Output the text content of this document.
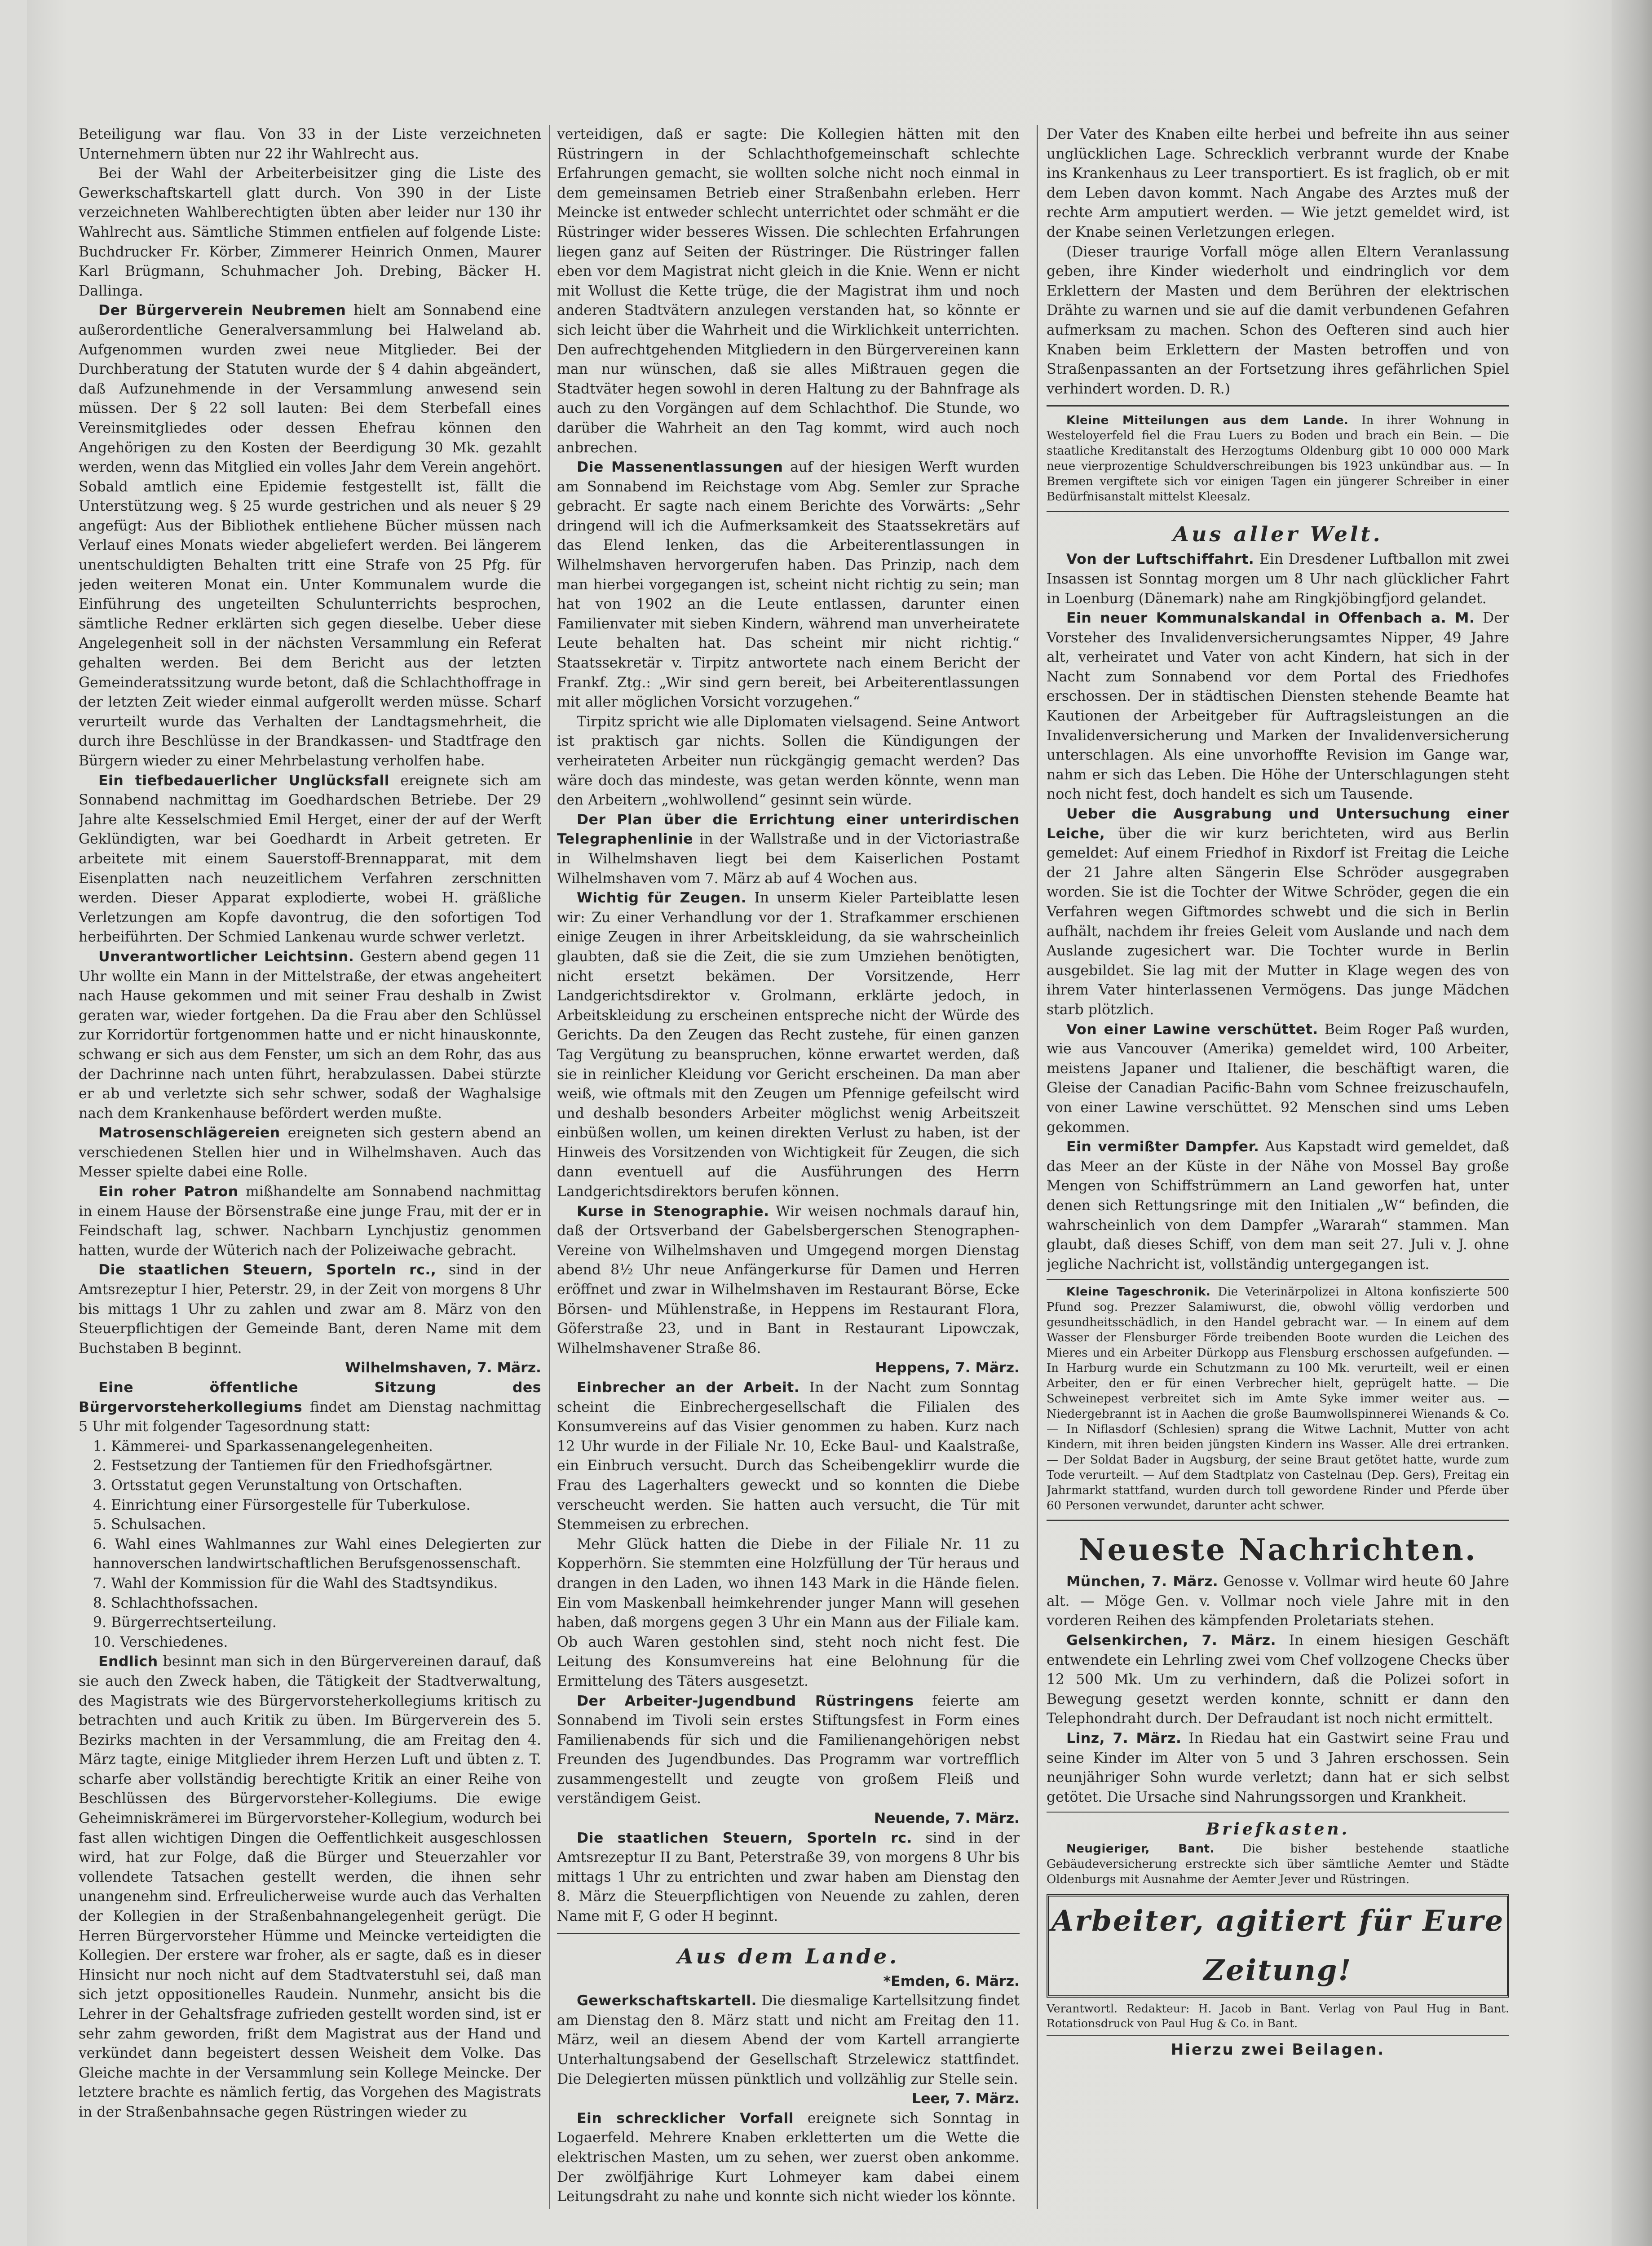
Beteiligung war flau. Von 33 in der Liste verzeichneten Unternehmern übten nur 22 ihr Wahlrecht aus.

Bei der Wahl der Arbeiterbeisitzer ging die Liste des Gewerkschaftskartell glatt durch. Von 390 in der Liste verzeichneten Wahlberechtigten übten aber leider nur 130 ihr Wahlrecht aus. Sämtliche Stimmen entfielen auf folgende Liste: Buchdrucker Fr. Körber, Zimmerer Heinrich Onmen, Maurer Karl Brügmann, Schuhmacher Joh. Drebing, Bäcker H. Dallinga.

Der Bürgerverein Neubremen hielt am Sonnabend eine außerordentliche Generalversammlung bei Halweland ab. Aufgenommen wurden zwei neue Mitglieder. Bei der Durchberatung der Statuten wurde der § 4 dahin abgeändert, daß Aufzunehmende in der Versammlung anwesend sein müssen. Der § 22 soll lauten: Bei dem Sterbefall eines Vereinsmitgliedes oder dessen Ehefrau können den Angehörigen zu den Kosten der Beerdigung 30 Mk. gezahlt werden, wenn das Mitglied ein volles Jahr dem Verein angehört. Sobald amtlich eine Epidemie festgestellt ist, fällt die Unterstützung weg. § 25 wurde gestrichen und als neuer § 29 angefügt: Aus der Bibliothek entliehene Bücher müssen nach Verlauf eines Monats wieder abgeliefert werden. Bei längerem unentschuldigten Behalten tritt eine Strafe von 25 Pfg. für jeden weiteren Monat ein. Unter Kommunalem wurde die Einführung des ungeteilten Schulunterrichts besprochen, sämtliche Redner erklärten sich gegen dieselbe. Ueber diese Angelegenheit soll in der nächsten Versammlung ein Referat gehalten werden. Bei dem Bericht aus der letzten Gemeinderatssitzung wurde betont, daß die Schlachthoffrage in der letzten Zeit wieder einmal aufgerollt werden müsse. Scharf verurteilt wurde das Verhalten der Landtagsmehrheit, die durch ihre Beschlüsse in der Brandkassen- und Stadtfrage den Bürgern wieder zu einer Mehrbelastung verholfen habe.

Ein tiefbedauerlicher Unglücksfall ereignete sich am Sonnabend nachmittag im Goedhardschen Betriebe. Der 29 Jahre alte Kesselschmied Emil Herget, einer der auf der Werft Geklündigten, war bei Goedhardt in Arbeit getreten. Er arbeitete mit einem Sauerstoff-Brennapparat, mit dem Eisenplatten nach neuzeitlichem Verfahren zerschnitten werden. Dieser Apparat explodierte, wobei H. gräßliche Verletzungen am Kopfe davontrug, die den sofortigen Tod herbeiführten. Der Schmied Lankenau wurde schwer verletzt.

Unverantwortlicher Leichtsinn. Gestern abend gegen 11 Uhr wollte ein Mann in der Mittelstraße, der etwas angeheitert nach Hause gekommen und mit seiner Frau deshalb in Zwist geraten war, wieder fortgehen. Da die Frau aber den Schlüssel zur Korridortür fortgenommen hatte und er nicht hinauskonnte, schwang er sich aus dem Fenster, um sich an dem Rohr, das aus der Dachrinne nach unten führt, herabzulassen. Dabei stürzte er ab und verletzte sich sehr schwer, sodaß der Waghalsige nach dem Krankenhause befördert werden mußte.

Matrosenschlägereien ereigneten sich gestern abend an verschiedenen Stellen hier und in Wilhelmshaven. Auch das Messer spielte dabei eine Rolle.

Ein roher Patron mißhandelte am Sonnabend nachmittag in einem Hause der Börsenstraße eine junge Frau, mit der er in Feindschaft lag, schwer. Nachbarn Lynchjustiz genommen hatten, wurde der Wüterich nach der Polizeiwache gebracht.

Die staatlichen Steuern, Sporteln rc., sind in der Amtsrezeptur I hier, Peterstr. 29, in der Zeit von morgens 8 Uhr bis mittags 1 Uhr zu zahlen und zwar am 8. März von den Steuerpflichtigen der Gemeinde Bant, deren Name mit dem Buchstaben B beginnt.

Wilhelmshaven, 7. März.

Eine öffentliche Sitzung des Bürgervorsteherkollegiums findet am Dienstag nachmittag 5 Uhr mit folgender Tagesordnung statt:

1. Kämmerei- und Sparkassenangelegenheiten.

2. Festsetzung der Tantiemen für den Friedhofsgärtner.

3. Ortsstatut gegen Verunstaltung von Ortschaften.

4. Einrichtung einer Fürsorgestelle für Tuberkulose.

5. Schulsachen.

6. Wahl eines Wahlmannes zur Wahl eines Delegierten zur hannoverschen landwirtschaftlichen Berufsgenossenschaft.

7. Wahl der Kommission für die Wahl des Stadtsyndikus.

8. Schlachthofssachen.

9. Bürgerrechtserteilung.

10. Verschiedenes.

Endlich besinnt man sich in den Bürgervereinen darauf, daß sie auch den Zweck haben, die Tätigkeit der Stadtverwaltung, des Magistrats wie des Bürgervorsteherkollegiums kritisch zu betrachten und auch Kritik zu üben. Im Bürgerverein des 5. Bezirks machten in der Versammlung, die am Freitag den 4. März tagte, einige Mitglieder ihrem Herzen Luft und übten z. T. scharfe aber vollständig berechtigte Kritik an einer Reihe von Beschlüssen des Bürgervorsteher-Kollegiums. Die ewige Geheimniskrämerei im Bürgervorsteher-Kollegium, wodurch bei fast allen wichtigen Dingen die Oeffentlichkeit ausgeschlossen wird, hat zur Folge, daß die Bürger und Steuerzahler vor vollendete Tatsachen gestellt werden, die ihnen sehr unangenehm sind. Erfreulicherweise wurde auch das Verhalten der Kollegien in der Straßenbahnangelegenheit gerügt. Die Herren Bürgervorsteher Hümme und Meincke verteidigten die Kollegien. Der erstere war froher, als er sagte, daß es in dieser Hinsicht nur noch nicht auf dem Stadtvaterstuhl sei, daß man sich jetzt oppositionelles Raudein. Nunmehr, ansicht bis die Lehrer in der Gehaltsfrage zufrieden gestellt worden sind, ist er sehr zahm geworden, frißt dem Magistrat aus der Hand und verkündet dann begeistert dessen Weisheit dem Volke. Das Gleiche machte in der Versammlung sein Kollege Meincke. Der letztere brachte es nämlich fertig, das Vorgehen des Magistrats in der Straßenbahnsache gegen Rüstringen wieder zu

verteidigen, daß er sagte: Die Kollegien hätten mit den Rüstringern in der Schlachthofgemeinschaft schlechte Erfahrungen gemacht, sie wollten solche nicht noch einmal in dem gemeinsamen Betrieb einer Straßenbahn erleben. Herr Meincke ist entweder schlecht unterrichtet oder schmäht er die Rüstringer wider besseres Wissen. Die schlechten Erfahrungen liegen ganz auf Seiten der Rüstringer. Die Rüstringer fallen eben vor dem Magistrat nicht gleich in die Knie. Wenn er nicht mit Wollust die Kette trüge, die der Magistrat ihm und noch anderen Stadtvätern anzulegen verstanden hat, so könnte er sich leicht über die Wahrheit und die Wirklichkeit unterrichten. Den aufrechtgehenden Mitgliedern in den Bürgervereinen kann man nur wünschen, daß sie alles Mißtrauen gegen die Stadtväter hegen sowohl in deren Haltung zu der Bahnfrage als auch zu den Vorgängen auf dem Schlachthof. Die Stunde, wo darüber die Wahrheit an den Tag kommt, wird auch noch anbrechen.

Die Massenentlassungen auf der hiesigen Werft wurden am Sonnabend im Reichstage vom Abg. Semler zur Sprache gebracht. Er sagte nach einem Berichte des Vorwärts: „Sehr dringend will ich die Aufmerksamkeit des Staatssekretärs auf das Elend lenken, das die Arbeiterentlassungen in Wilhelmshaven hervorgerufen haben. Das Prinzip, nach dem man hierbei vorgegangen ist, scheint nicht richtig zu sein; man hat von 1902 an die Leute entlassen, darunter einen Familienvater mit sieben Kindern, während man unverheiratete Leute behalten hat. Das scheint mir nicht richtig.“ Staatssekretär v. Tirpitz antwortete nach einem Bericht der Frankf. Ztg.: „Wir sind gern bereit, bei Arbeiterentlassungen mit aller möglichen Vorsicht vorzugehen.“

Tirpitz spricht wie alle Diplomaten vielsagend. Seine Antwort ist praktisch gar nichts. Sollen die Kündigungen der verheirateten Arbeiter nun rückgängig gemacht werden? Das wäre doch das mindeste, was getan werden könnte, wenn man den Arbeitern „wohlwollend“ gesinnt sein würde.

Der Plan über die Errichtung einer unterirdischen Telegraphenlinie in der Wallstraße und in der Victoriastraße in Wilhelmshaven liegt bei dem Kaiserlichen Postamt Wilhelmshaven vom 7. März ab auf 4 Wochen aus.

Wichtig für Zeugen. In unserm Kieler Parteiblatte lesen wir: Zu einer Verhandlung vor der 1. Strafkammer erschienen einige Zeugen in ihrer Arbeitskleidung, da sie wahrscheinlich glaubten, daß sie die Zeit, die sie zum Umziehen benötigten, nicht ersetzt bekämen. Der Vorsitzende, Herr Landgerichtsdirektor v. Grolmann, erklärte jedoch, in Arbeitskleidung zu erscheinen entspreche nicht der Würde des Gerichts. Da den Zeugen das Recht zustehe, für einen ganzen Tag Vergütung zu beanspruchen, könne erwartet werden, daß sie in reinlicher Kleidung vor Gericht erscheinen. Da man aber weiß, wie oftmals mit den Zeugen um Pfennige gefeilscht wird und deshalb besonders Arbeiter möglichst wenig Arbeitszeit einbüßen wollen, um keinen direkten Verlust zu haben, ist der Hinweis des Vorsitzenden von Wichtigkeit für Zeugen, die sich dann eventuell auf die Ausführungen des Herrn Landgerichtsdirektors berufen können.

Kurse in Stenographie. Wir weisen nochmals darauf hin, daß der Ortsverband der Gabelsbergerschen Stenographen-Vereine von Wilhelmshaven und Umgegend morgen Dienstag abend 8½ Uhr neue Anfängerkurse für Damen und Herren eröffnet und zwar in Wilhelmshaven im Restaurant Börse, Ecke Börsen- und Mühlenstraße, in Heppens im Restaurant Flora, Göferstraße 23, und in Bant in Restaurant Lipowczak, Wilhelmshavener Straße 86.

Heppens, 7. März.

Einbrecher an der Arbeit. In der Nacht zum Sonntag scheint die Einbrechergesellschaft die Filialen des Konsumvereins auf das Visier genommen zu haben. Kurz nach 12 Uhr wurde in der Filiale Nr. 10, Ecke Baul- und Kaalstraße, ein Einbruch versucht. Durch das Scheibengeklirr wurde die Frau des Lagerhalters geweckt und so konnten die Diebe verscheucht werden. Sie hatten auch versucht, die Tür mit Stemmeisen zu erbrechen.

Mehr Glück hatten die Diebe in der Filiale Nr. 11 zu Kopperhörn. Sie stemmten eine Holzfüllung der Tür heraus und drangen in den Laden, wo ihnen 143 Mark in die Hände fielen. Ein vom Maskenball heimkehrender junger Mann will gesehen haben, daß morgens gegen 3 Uhr ein Mann aus der Filiale kam. Ob auch Waren gestohlen sind, steht noch nicht fest. Die Leitung des Konsumvereins hat eine Belohnung für die Ermittelung des Täters ausgesetzt.

Der Arbeiter-Jugendbund Rüstringens feierte am Sonnabend im Tivoli sein erstes Stiftungsfest in Form eines Familienabends für sich und die Familienangehörigen nebst Freunden des Jugendbundes. Das Programm war vortrefflich zusammengestellt und zeugte von großem Fleiß und verständigem Geist.

Neuende, 7. März.

Die staatlichen Steuern, Sporteln rc. sind in der Amtsrezeptur II zu Bant, Peterstraße 39, von morgens 8 Uhr bis mittags 1 Uhr zu entrichten und zwar haben am Dienstag den 8. März die Steuerpflichtigen von Neuende zu zahlen, deren Name mit F, G oder H beginnt.

Aus dem Lande.

*Emden, 6. März.

Gewerkschaftskartell. Die diesmalige Kartellsitzung findet am Dienstag den 8. März statt und nicht am Freitag den 11. März, weil an diesem Abend der vom Kartell arrangierte Unterhaltungsabend der Gesellschaft Strzelewicz stattfindet. Die Delegierten müssen pünktlich und vollzählig zur Stelle sein.

Leer, 7. März.

Ein schrecklicher Vorfall ereignete sich Sonntag in Logaerfeld. Mehrere Knaben erkletterten um die Wette die elektrischen Masten, um zu sehen, wer zuerst oben ankomme. Der zwölfjährige Kurt Lohmeyer kam dabei einem Leitungsdraht zu nahe und konnte sich nicht wieder los könnte.

Der Vater des Knaben eilte herbei und befreite ihn aus seiner unglücklichen Lage. Schrecklich verbrannt wurde der Knabe ins Krankenhaus zu Leer transportiert. Es ist fraglich, ob er mit dem Leben davon kommt. Nach Angabe des Arztes muß der rechte Arm amputiert werden. — Wie jetzt gemeldet wird, ist der Knabe seinen Verletzungen erlegen.

(Dieser traurige Vorfall möge allen Eltern Veranlassung geben, ihre Kinder wiederholt und eindringlich vor dem Erklettern der Masten und dem Berühren der elektrischen Drähte zu warnen und sie auf die damit verbundenen Gefahren aufmerksam zu machen. Schon des Oefteren sind auch hier Knaben beim Erklettern der Masten betroffen und von Straßenpassanten an der Fortsetzung ihres gefährlichen Spiel verhindert worden. D. R.)

Kleine Mitteilungen aus dem Lande. In ihrer Wohnung in Westeloyerfeld fiel die Frau Luers zu Boden und brach ein Bein. — Die staatliche Kreditanstalt des Herzogtums Oldenburg gibt 10 000 000 Mark neue vierprozentige Schuldverschreibungen bis 1923 unkündbar aus. — In Bremen vergiftete sich vor einigen Tagen ein jüngerer Schreiber in einer Bedürfnisanstalt mittelst Kleesalz.

Aus aller Welt.

Von der Luftschiffahrt. Ein Dresdener Luftballon mit zwei Insassen ist Sonntag morgen um 8 Uhr nach glücklicher Fahrt in Loenburg (Dänemark) nahe am Ringkjöbingfjord gelandet.

Ein neuer Kommunalskandal in Offenbach a. M. Der Vorsteher des Invalidenversicherungsamtes Nipper, 49 Jahre alt, verheiratet und Vater von acht Kindern, hat sich in der Nacht zum Sonnabend vor dem Portal des Friedhofes erschossen. Der in städtischen Diensten stehende Beamte hat Kautionen der Arbeitgeber für Auftragsleistungen an die Invalidenversicherung und Marken der Invalidenversicherung unterschlagen. Als eine unvorhoffte Revision im Gange war, nahm er sich das Leben. Die Höhe der Unterschlagungen steht noch nicht fest, doch handelt es sich um Tausende.

Ueber die Ausgrabung und Untersuchung einer Leiche, über die wir kurz berichteten, wird aus Berlin gemeldet: Auf einem Friedhof in Rixdorf ist Freitag die Leiche der 21 Jahre alten Sängerin Else Schröder ausgegraben worden. Sie ist die Tochter der Witwe Schröder, gegen die ein Verfahren wegen Giftmordes schwebt und die sich in Berlin aufhält, nachdem ihr freies Geleit vom Auslande und nach dem Auslande zugesichert war. Die Tochter wurde in Berlin ausgebildet. Sie lag mit der Mutter in Klage wegen des von ihrem Vater hinterlassenen Vermögens. Das junge Mädchen starb plötzlich.

Von einer Lawine verschüttet. Beim Roger Paß wurden, wie aus Vancouver (Amerika) gemeldet wird, 100 Arbeiter, meistens Japaner und Italiener, die beschäftigt waren, die Gleise der Canadian Pacific-Bahn vom Schnee freizuschaufeln, von einer Lawine verschüttet. 92 Menschen sind ums Leben gekommen.

Ein vermißter Dampfer. Aus Kapstadt wird gemeldet, daß das Meer an der Küste in der Nähe von Mossel Bay große Mengen von Schiffstrümmern an Land geworfen hat, unter denen sich Rettungsringe mit den Initialen „W“ befinden, die wahrscheinlich von dem Dampfer „Wararah“ stammen. Man glaubt, daß dieses Schiff, von dem man seit 27. Juli v. J. ohne jegliche Nachricht ist, vollständig untergegangen ist.

Kleine Tageschronik. Die Veterinärpolizei in Altona konfiszierte 500 Pfund sog. Prezzer Salamiwurst, die, obwohl völlig verdorben und gesundheitsschädlich, in den Handel gebracht war. — In einem auf dem Wasser der Flensburger Förde treibenden Boote wurden die Leichen des Mieres und ein Arbeiter Dürkopp aus Flensburg erschossen aufgefunden. — In Harburg wurde ein Schutzmann zu 100 Mk. verurteilt, weil er einen Arbeiter, den er für einen Verbrecher hielt, geprügelt hatte. — Die Schweinepest verbreitet sich im Amte Syke immer weiter aus. — Niedergebrannt ist in Aachen die große Baumwollspinnerei Wienands & Co. — In Niflasdorf (Schlesien) sprang die Witwe Lachnit, Mutter von acht Kindern, mit ihren beiden jüngsten Kindern ins Wasser. Alle drei ertranken. — Der Soldat Bader in Augsburg, der seine Braut getötet hatte, wurde zum Tode verurteilt. — Auf dem Stadtplatz von Castelnau (Dep. Gers), Freitag ein Jahrmarkt stattfand, wurden durch toll gewordene Rinder und Pferde über 60 Personen verwundet, darunter acht schwer.

Neueste Nachrichten.

München, 7. März. Genosse v. Vollmar wird heute 60 Jahre alt. — Möge Gen. v. Vollmar noch viele Jahre mit in den vorderen Reihen des kämpfenden Proletariats stehen.

Gelsenkirchen, 7. März. In einem hiesigen Geschäft entwendete ein Lehrling zwei vom Chef vollzogene Checks über 12 500 Mk. Um zu verhindern, daß die Polizei sofort in Bewegung gesetzt werden konnte, schnitt er dann den Telephondraht durch. Der Defraudant ist noch nicht ermittelt.

Linz, 7. März. In Riedau hat ein Gastwirt seine Frau und seine Kinder im Alter von 5 und 3 Jahren erschossen. Sein neunjähriger Sohn wurde verletzt; dann hat er sich selbst getötet. Die Ursache sind Nahrungssorgen und Krankheit.

Briefkasten.

Neugieriger, Bant. Die bisher bestehende staatliche Gebäudeversicherung erstreckte sich über sämtliche Aemter und Städte Oldenburgs mit Ausnahme der Aemter Jever und Rüstringen.

Arbeiter, agitiert für Eure Zeitung!

Verantwortl. Redakteur: H. Jacob in Bant. Verlag von Paul Hug in Bant. Rotationsdruck von Paul Hug & Co. in Bant.

Hierzu zwei Beilagen.
